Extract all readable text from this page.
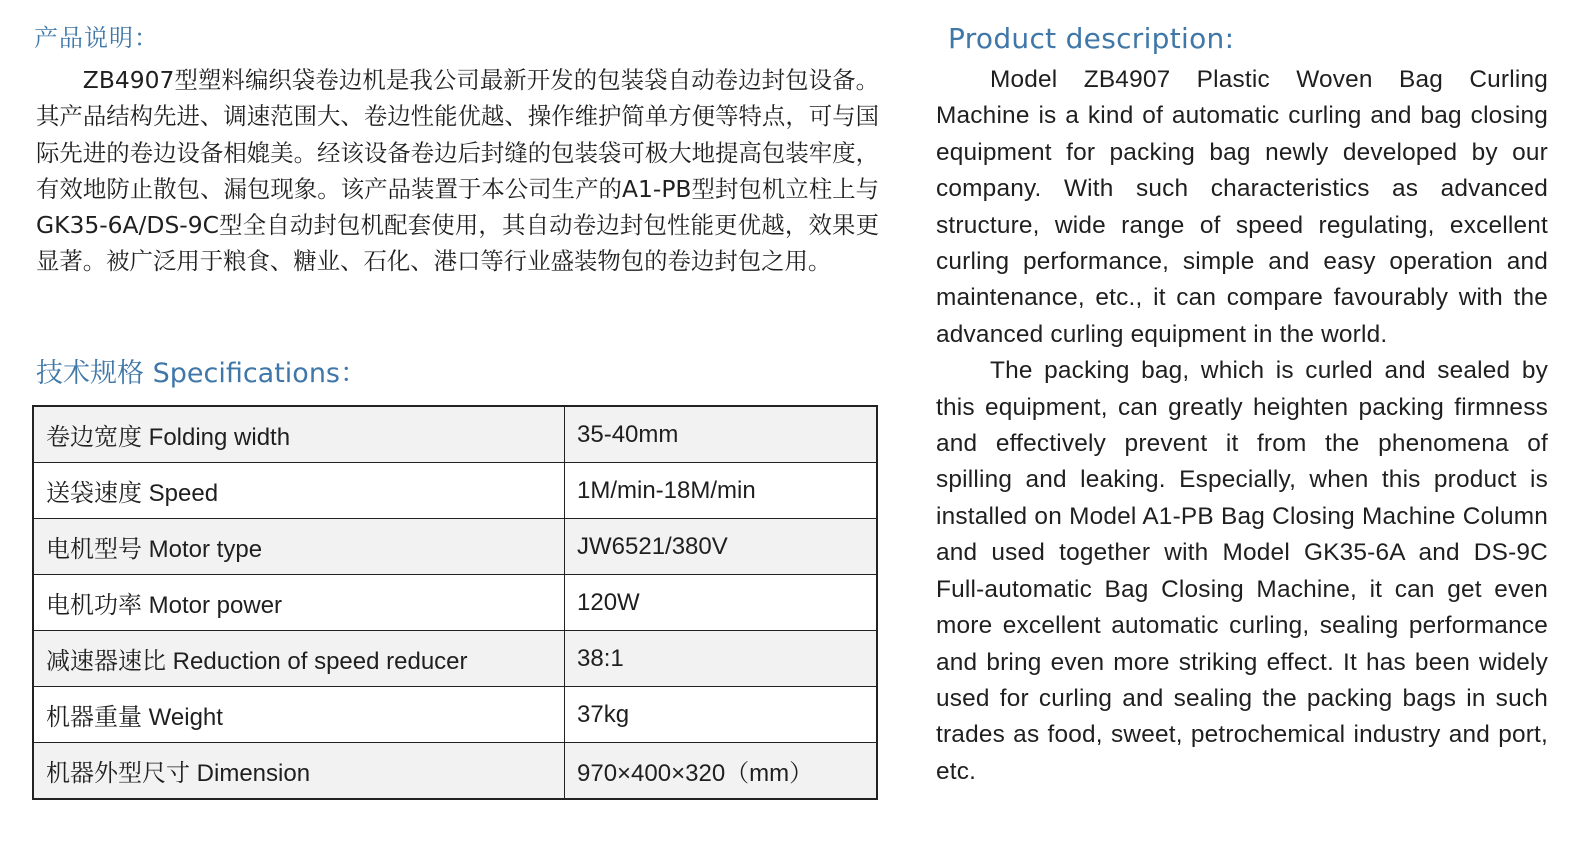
产品说明：

ZB4907型塑料编织袋卷边机是我公司最新开发的包装袋自动卷边封包设备。其产品结构先进、调速范围大、卷边性能优越、操作维护简单方便等特点，可与国际先进的卷边设备相媲美。经该设备卷边后封缝的包装袋可极大地提高包装牢度，有效地防止散包、漏包现象。该产品装置于本公司生产的A1-PB型封包机立柱上与GK35-6A/DS-9C型全自动封包机配套使用，其自动卷边封包性能更优越，效果更显著。被广泛用于粮食、糖业、石化、港口等行业盛装物包的卷边封包之用。

技术规格 Specifications：
卷边宽度 Folding width	35-40mm
送袋速度 Speed	1M/min-18M/min
电机型号 Motor type	JW6521/380V
电机功率 Motor power	120W
减速器速比 Reduction of speed reducer	38:1
机器重量 Weight	37kg
机器外型尺寸 Dimension	970×400×320（mm）
Product description:

Model ZB4907 Plastic Woven Bag Curling Machine is a kind of automatic curling and bag closing equipment for packing bag newly developed by our company. With such characteristics as advanced structure, wide range of speed regulating, excellent curling performance, simple and easy operation and maintenance, etc., it can compare favourably with the advanced curling equipment in the world.

The packing bag, which is curled and sealed by this equipment, can greatly heighten packing firmness and effectively prevent it from the phenomena of spilling and leaking. Especially, when this product is installed on Model A1-PB Bag Closing Machine Column and used together with Model GK35-6A and DS-9C Full-automatic Bag Closing Machine, it can get even more excellent automatic curling, sealing performance and bring even more striking effect. It has been widely used for curling and sealing the packing bags in such trades as food, sweet, petrochemical industry and port, etc.
